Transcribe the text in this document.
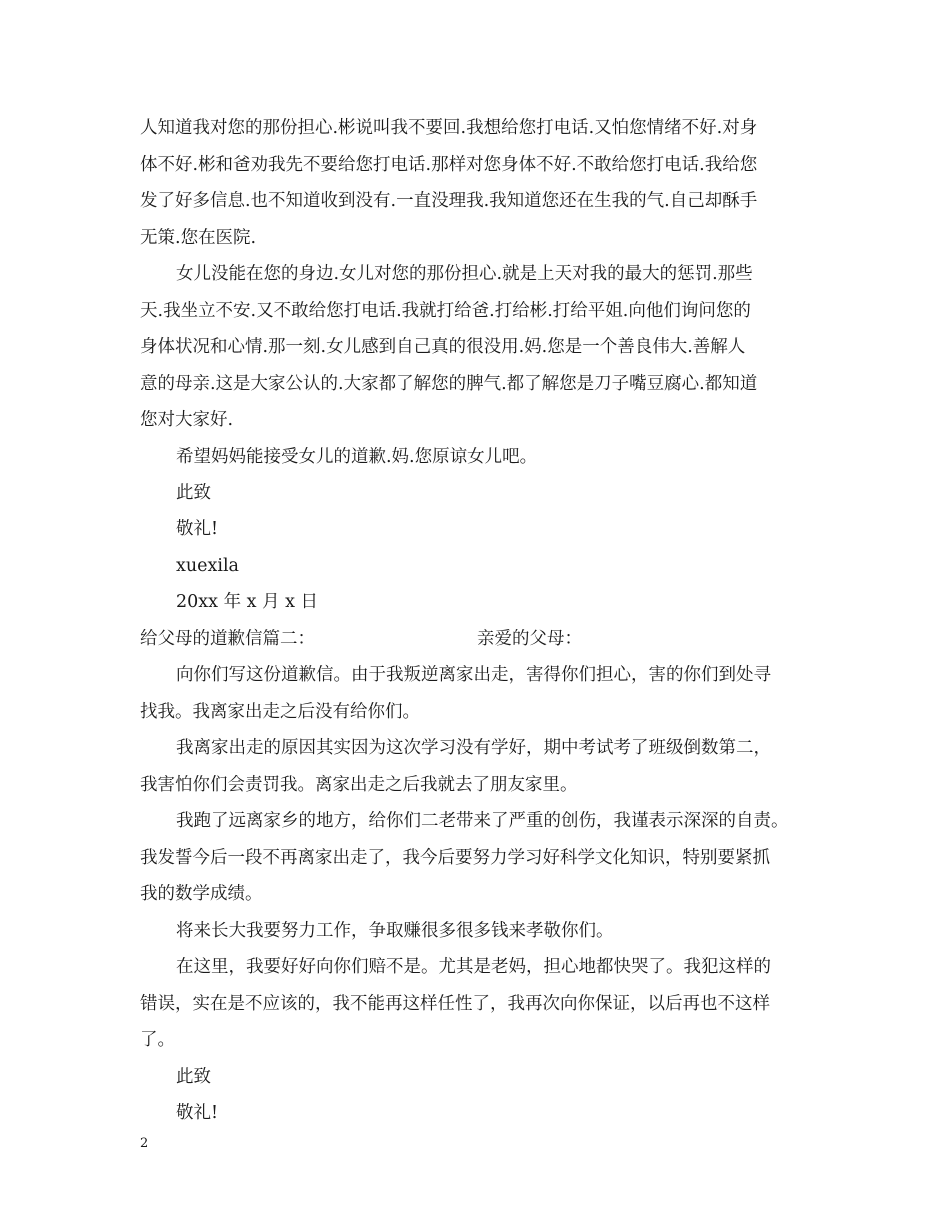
人知道我对您的那份担心.彬说叫我不要回.我想给您打电话.又怕您情绪不好.对身
体不好.彬和爸劝我先不要给您打电话.那样对您身体不好.不敢给您打电话.我给您
发了好多信息.也不知道收到没有.一直没理我.我知道您还在生我的气.自己却酥手
无策.您在医院.
女儿没能在您的身边.女儿对您的那份担心.就是上天对我的最大的惩罚.那些
天.我坐立不安.又不敢给您打电话.我就打给爸.打给彬.打给平姐.向他们询问您的
身体状况和心情.那一刻.女儿感到自己真的很没用.妈.您是一个善良伟大.善解人
意的母亲.这是大家公认的.大家都了解您的脾气.都了解您是刀子嘴豆腐心.都知道
您对大家好.
希望妈妈能接受女儿的道歉.妈.您原谅女儿吧。
此致
敬礼!
xuexila
20xx 年 x 月 x 日
给父母的道歉信篇二：	亲爱的父母：
向你们写这份道歉信。由于我叛逆离家出走，害得你们担心，害的你们到处寻
找我。我离家出走之后没有给你们。
我离家出走的原因其实因为这次学习没有学好，期中考试考了班级倒数第二，
我害怕你们会责罚我。离家出走之后我就去了朋友家里。
我跑了远离家乡的地方，给你们二老带来了严重的创伤，我谨表示深深的自责。
我发誓今后一段不再离家出走了，我今后要努力学习好科学文化知识，特别要紧抓
我的数学成绩。
将来长大我要努力工作，争取赚很多很多钱来孝敬你们。
在这里，我要好好向你们赔不是。尤其是老妈，担心地都快哭了。我犯这样的
错误，实在是不应该的，我不能再这样任性了，我再次向你保证，以后再也不这样
了。
此致
敬礼!
2
